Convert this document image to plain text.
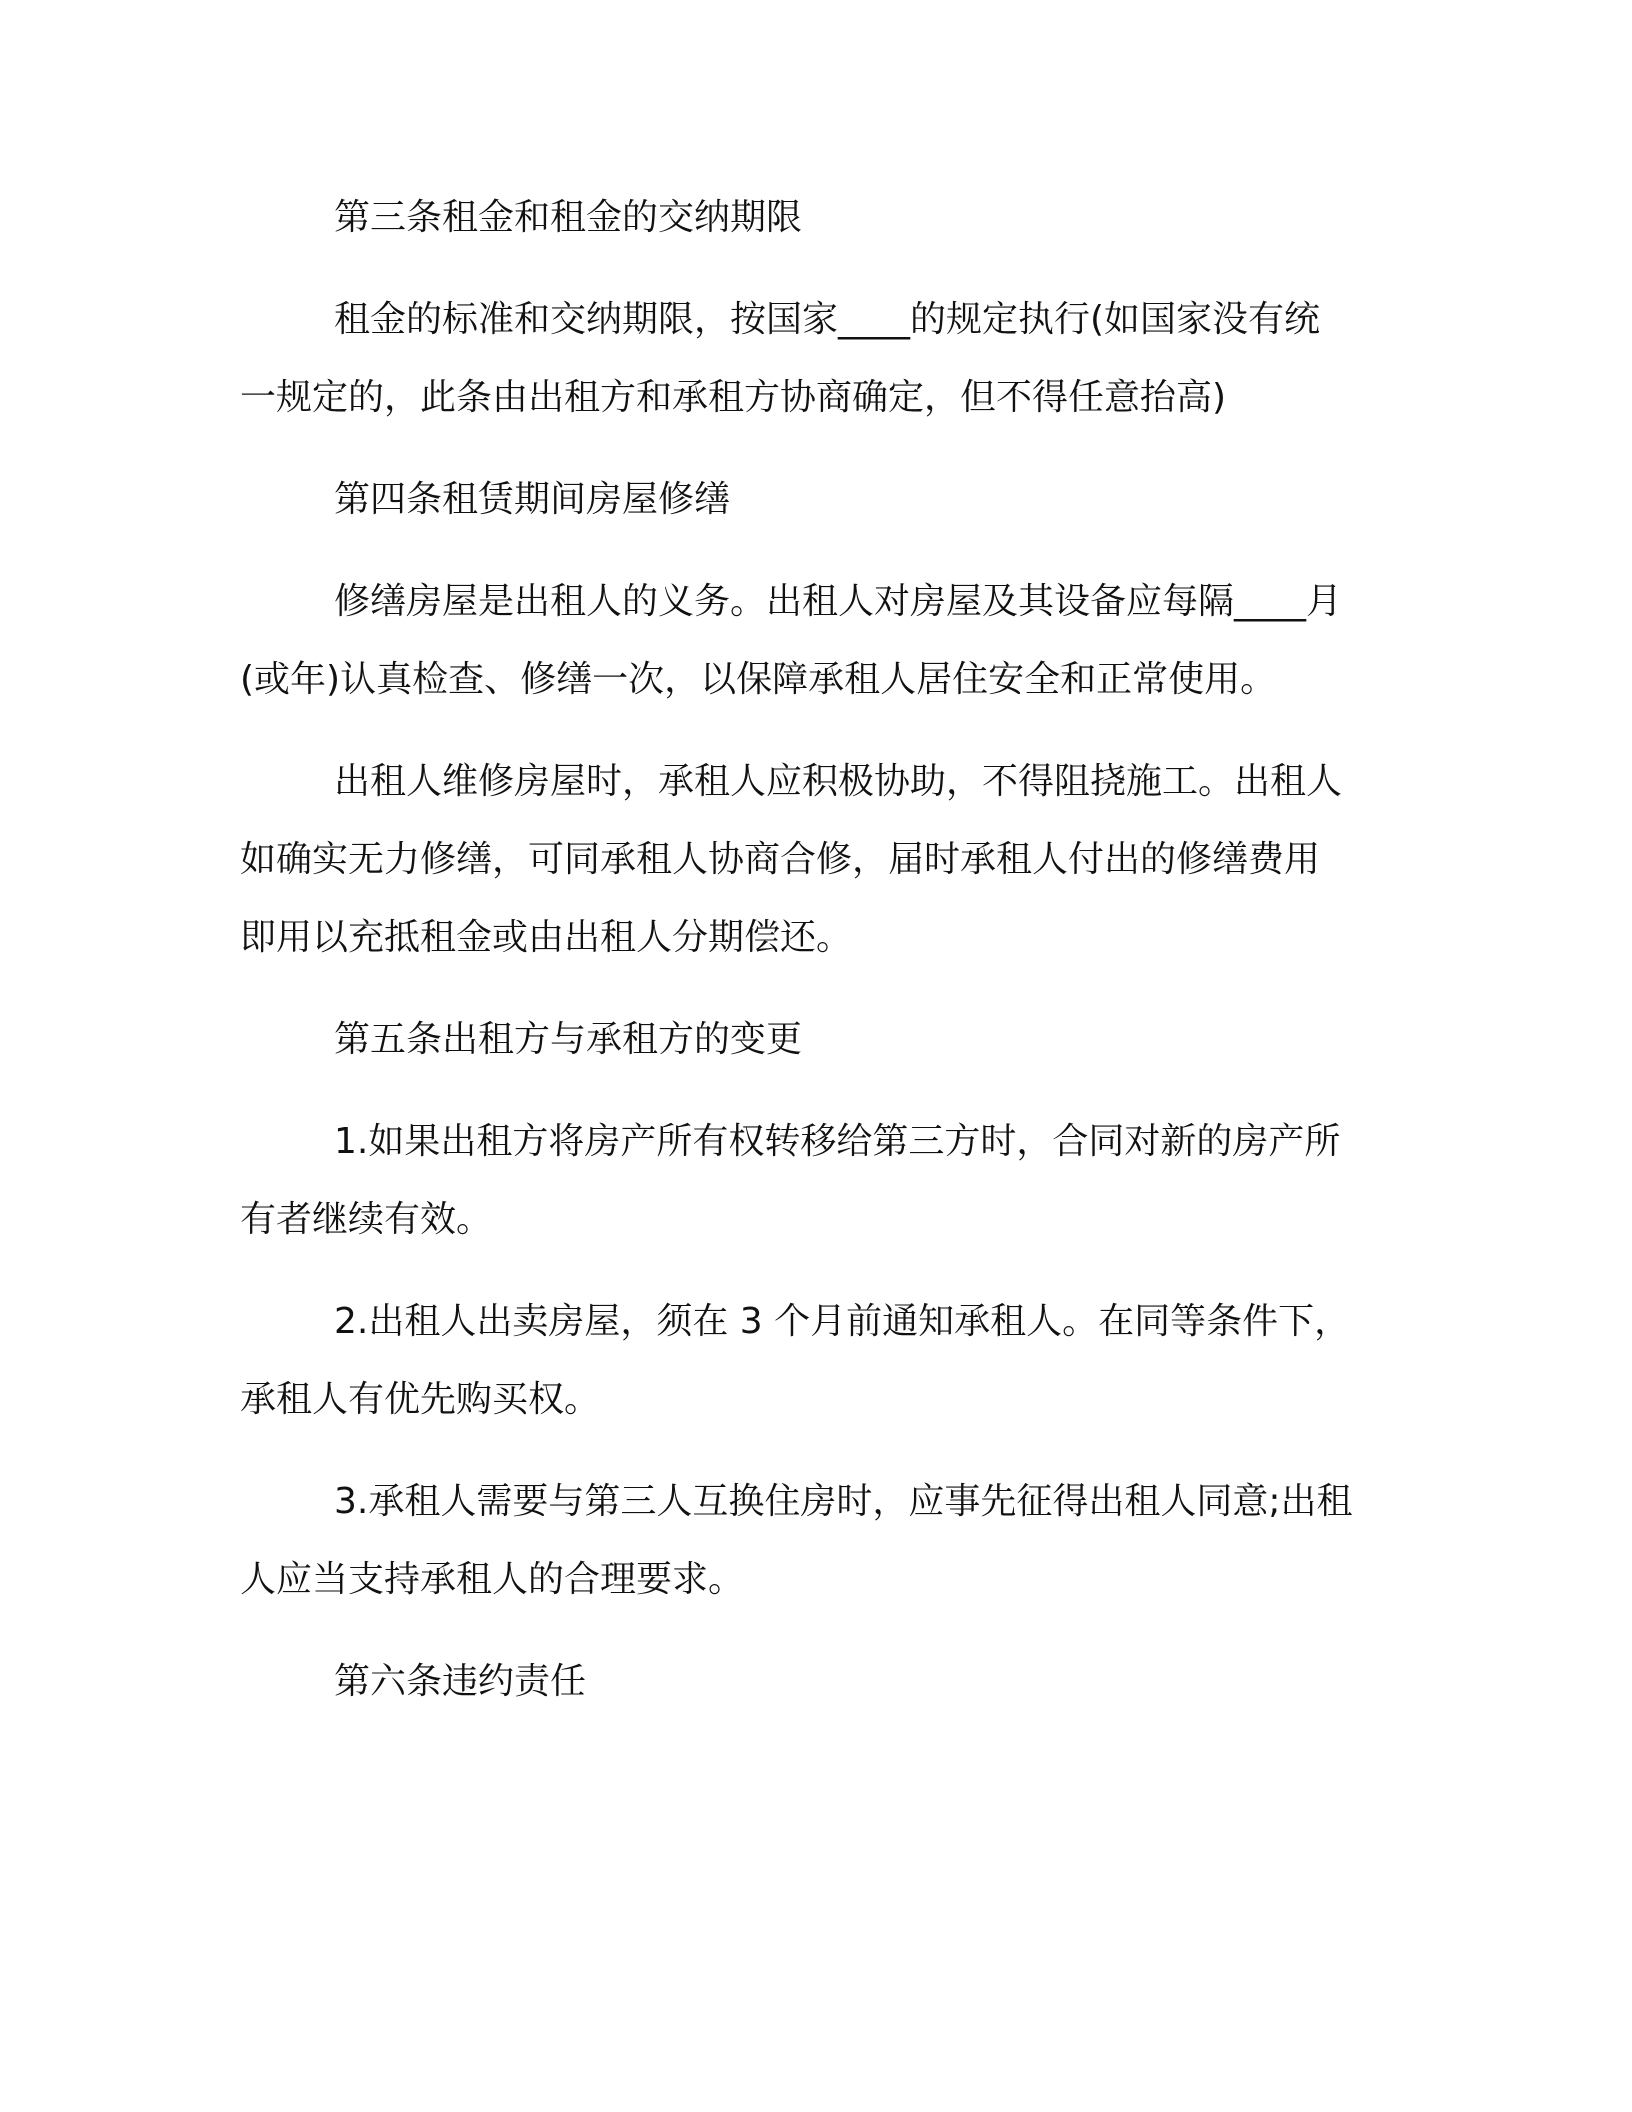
第三条租金和租金的交纳期限
租金的标准和交纳期限，按国家____的规定执行(如国家没有统
一规定的，此条由出租方和承租方协商确定，但不得任意抬高)
第四条租赁期间房屋修缮
修缮房屋是出租人的义务。出租人对房屋及其设备应每隔____月
(或年)认真检查、修缮一次，以保障承租人居住安全和正常使用。
出租人维修房屋时，承租人应积极协助，不得阻挠施工。出租人
如确实无力修缮，可同承租人协商合修，届时承租人付出的修缮费用
即用以充抵租金或由出租人分期偿还。
第五条出租方与承租方的变更
1.如果出租方将房产所有权转移给第三方时，合同对新的房产所
有者继续有效。
2.出租人出卖房屋，须在 3 个月前通知承租人。在同等条件下，
承租人有优先购买权。
3.承租人需要与第三人互换住房时，应事先征得出租人同意;出租
人应当支持承租人的合理要求。
第六条违约责任
